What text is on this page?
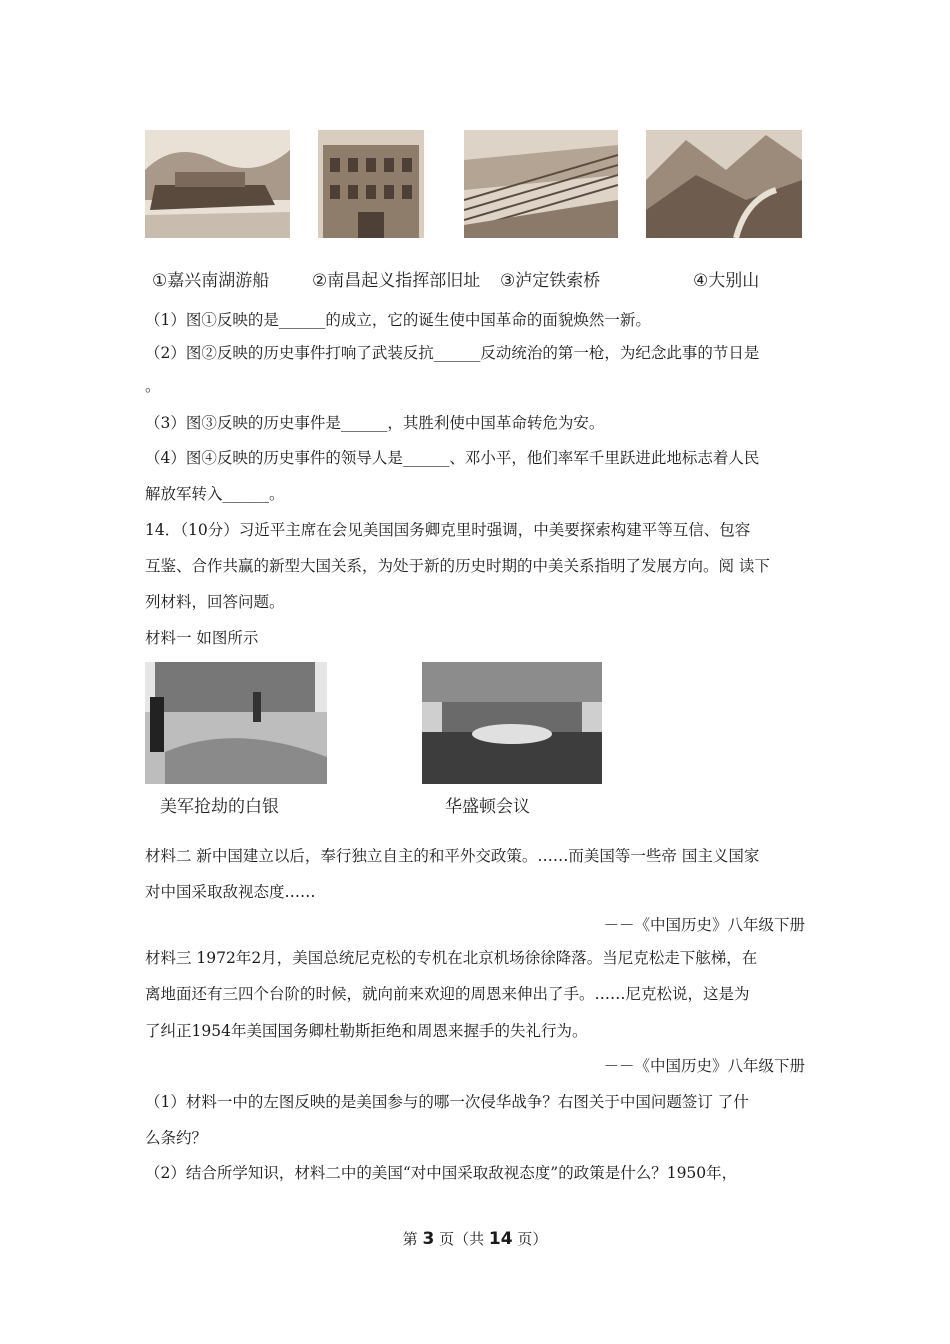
①嘉兴南湖游船	②南昌起义指挥部旧址 ③泸定铁索桥	④大别山
（1）图①反映的是______的成立，它的诞生使中国革命的面貌焕然一新。
（2）图②反映的历史事件打响了武装反抗______反动统治的第一枪，为纪念此事的节日是
。
（3）图③反映的历史事件是______，其胜利使中国革命转危为安。
（4）图④反映的历史事件的领导人是______、邓小平，他们率军千里跃进此地标志着人民
解放军转入______。
14．（10分）习近平主席在会见美国国务卿克里时强调，中美要探索构建平等互信、包容
互鉴、合作共赢的新型大国关系，为处于新的历史时期的中美关系指明了发展方向。阅 读下
列材料，回答问题。
材料一 如图所示
美军抢劫的白银	华盛顿会议
材料二 新中国建立以后，奉行独立自主的和平外交政策。……而美国等一些帝 国主义国家
对中国采取敌视态度……
－－《中国历史》八年级下册
材料三 1972年2月，美国总统尼克松的专机在北京机场徐徐降落。当尼克松走下舷梯，在
离地面还有三四个台阶的时候，就向前来欢迎的周恩来伸出了手。……尼克松说，这是为
了纠正1954年美国国务卿杜勒斯拒绝和周恩来握手的失礼行为。
－－《中国历史》八年级下册
（1）材料一中的左图反映的是美国参与的哪一次侵华战争？右图关于中国问题签订 了什
么条约？
（2）结合所学知识，材料二中的美国“对中国采取敌视态度”的政策是什么？1950年，
第 3 页（共 14 页）
